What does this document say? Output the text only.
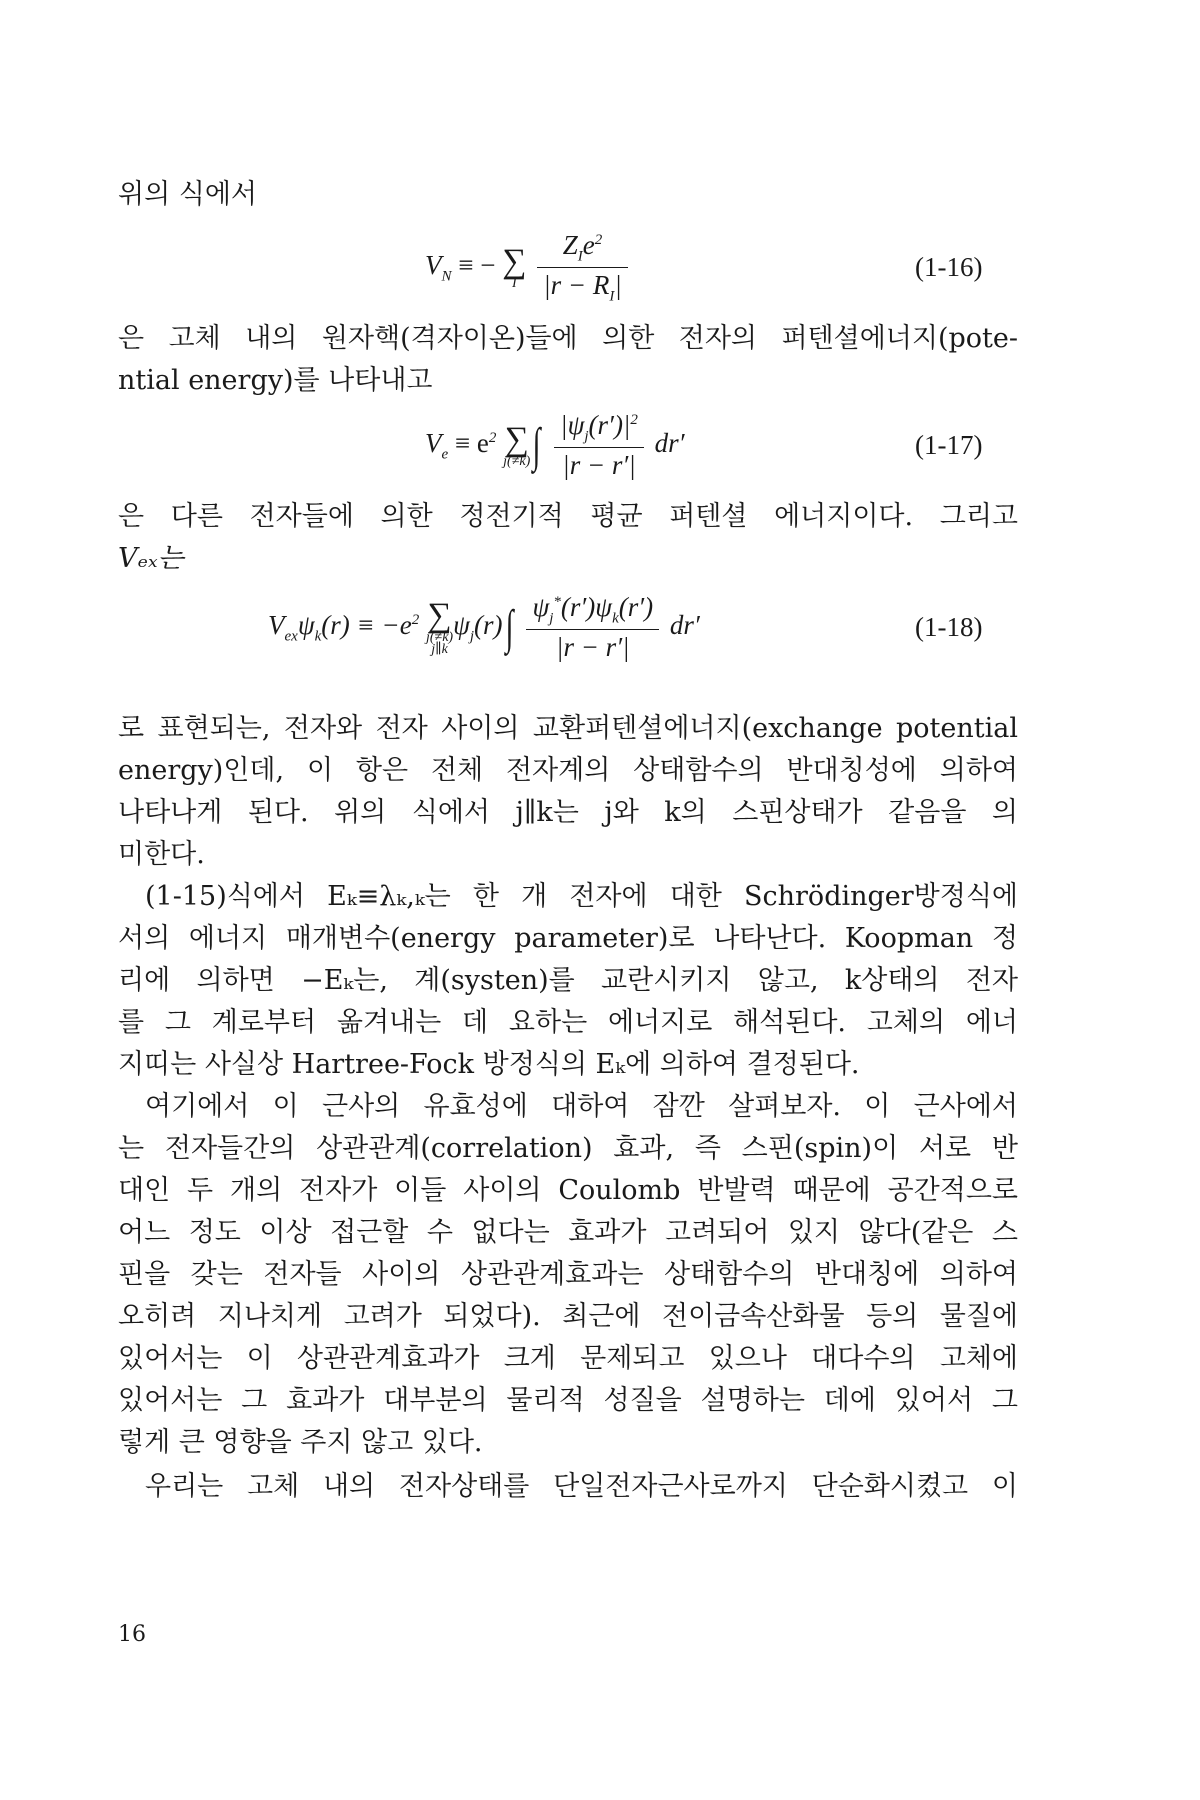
위의 식에서
$V_N$ ≡ − ∑
I
$\frac{Z_Ie^2}{|r - R_I|}$	(1-16)
은 고체 내의 원자핵(격자이온)들에 의한 전자의 퍼텐셜에너지(pote-
ntial energy)를 나타내고
$V_e \equiv e^2$ ∑
j(≠k) ∫ $\frac{|\psi_j(r')|^2}{|r - r'|} dr'$	(1-17)
은 다른 전자들에 의한 정전기적 평균 퍼텐셜 에너지이다. 그리고
Vₑₓ는
$V_{ex}\psi_k(r) \equiv -e^2$ ∑
j(≠k)
j∥k
$\psi_j(r)\int \frac{\psi_j^*(r')\psi_k(r')}{|r - r'|} dr'$	(1-18)
로 표현되는, 전자와 전자 사이의 교환퍼텐셜에너지(exchange potential
energy)인데, 이 항은 전체 전자계의 상태함수의 반대칭성에 의하여
나타나게 된다. 위의 식에서 j∥k는 j와 k의 스핀상태가 같음을 의
미한다.
(1-15)식에서 Eₖ≡λₖ,ₖ는 한 개 전자에 대한 Schrödinger방정식에
서의 에너지 매개변수(energy parameter)로 나타난다. Koopman 정
리에 의하면 −Eₖ는, 계(systen)를 교란시키지 않고, k상태의 전자
를 그 계로부터 옮겨내는 데 요하는 에너지로 해석된다. 고체의 에너
지띠는 사실상 Hartree-Fock 방정식의 Eₖ에 의하여 결정된다.
여기에서 이 근사의 유효성에 대하여 잠깐 살펴보자. 이 근사에서
는 전자들간의 상관관계(correlation) 효과, 즉 스핀(spin)이 서로 반
대인 두 개의 전자가 이들 사이의 Coulomb 반발력 때문에 공간적으로
어느 정도 이상 접근할 수 없다는 효과가 고려되어 있지 않다(같은 스
핀을 갖는 전자들 사이의 상관관계효과는 상태함수의 반대칭에 의하여
오히려 지나치게 고려가 되었다). 최근에 전이금속산화물 등의 물질에
있어서는 이 상관관계효과가 크게 문제되고 있으나 대다수의 고체에
있어서는 그 효과가 대부분의 물리적 성질을 설명하는 데에 있어서 그
렇게 큰 영향을 주지 않고 있다.
우리는 고체 내의 전자상태를 단일전자근사로까지 단순화시켰고 이
16
